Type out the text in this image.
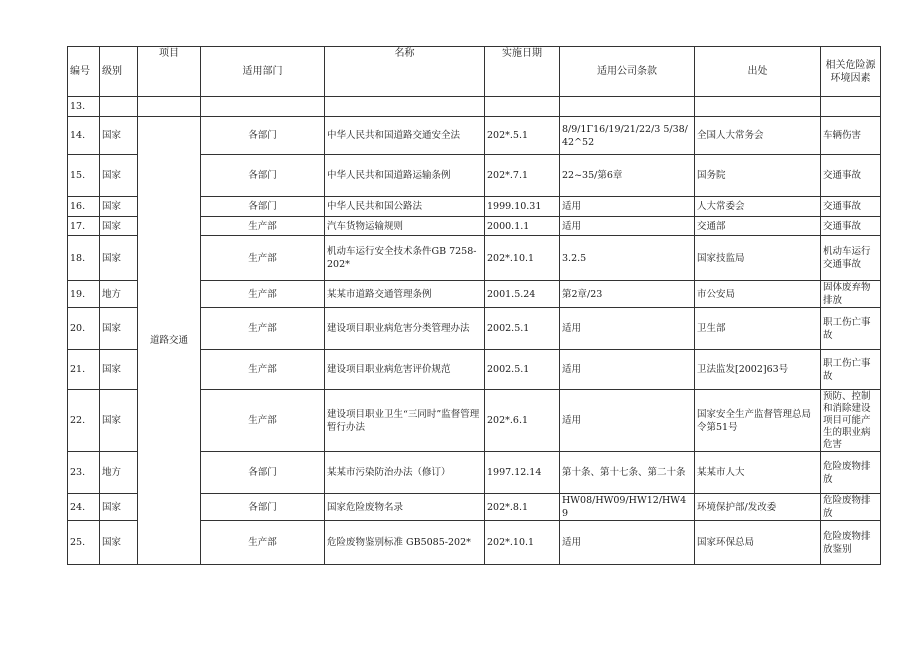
编号	级别	项目	适用部门	名称	实施日期	适用公司条款	出处	相关危险源环境因素
13.								
14.	国家	道路交通	各部门	中华人民共和国道路交通安全法	202*.5.1	8/9/1Γ16/19/21/22/3 5/38/42^52	全国人大常务会	车辆伤害
15.	国家		各部门	中华人民共和国道路运输条例	202*.7.1	22~35/第6章	国务院	交通事故
16.	国家		各部门	中华人民共和国公路法	1999.10.31	适用	人大常委会	交通事故
17.	国家		生产部	汽车货物运输规则	2000.1.1	适用	交通部	交通事故
18.	国家		生产部	机动车运行安全技术条件GB 7258-202*	202*.10.1	3.2.5	国家技监局	机动车运行交通事故
19.	地方		生产部	某某市道路交通管理条例	2001.5.24	第2章/23	市公安局	固体废弃物排放
20.	国家		生产部	建设项目职业病危害分类管理办法	2002.5.1	适用	卫生部	职工伤亡事故
21.	国家		生产部	建设项目职业病危害评价规范	2002.5.1	适用	卫法监发[2002]63号	职工伤亡事故
22.	国家		生产部	建设项目职业卫生“三同时”监督管理暂行办法	202*.6.1	适用	国家安全生产监督管理总局令第51号	预防、控制和消除建设项目可能产生的职业病危害
23.	地方		各部门	某某市污染防治办法（修订）	1997.12.14	第十条、第十七条、第二十条	某某市人大	危险废物排放
24.	国家		各部门	国家危险废物名录	202*.8.1	HW08/HW09/HW12/HW49	环境保护部/发改委	危险废物排放
25.	国家		生产部	危险废物鉴别标准 GB5085-202*	202*.10.1	适用	国家环保总局	危险废物排放鉴别
